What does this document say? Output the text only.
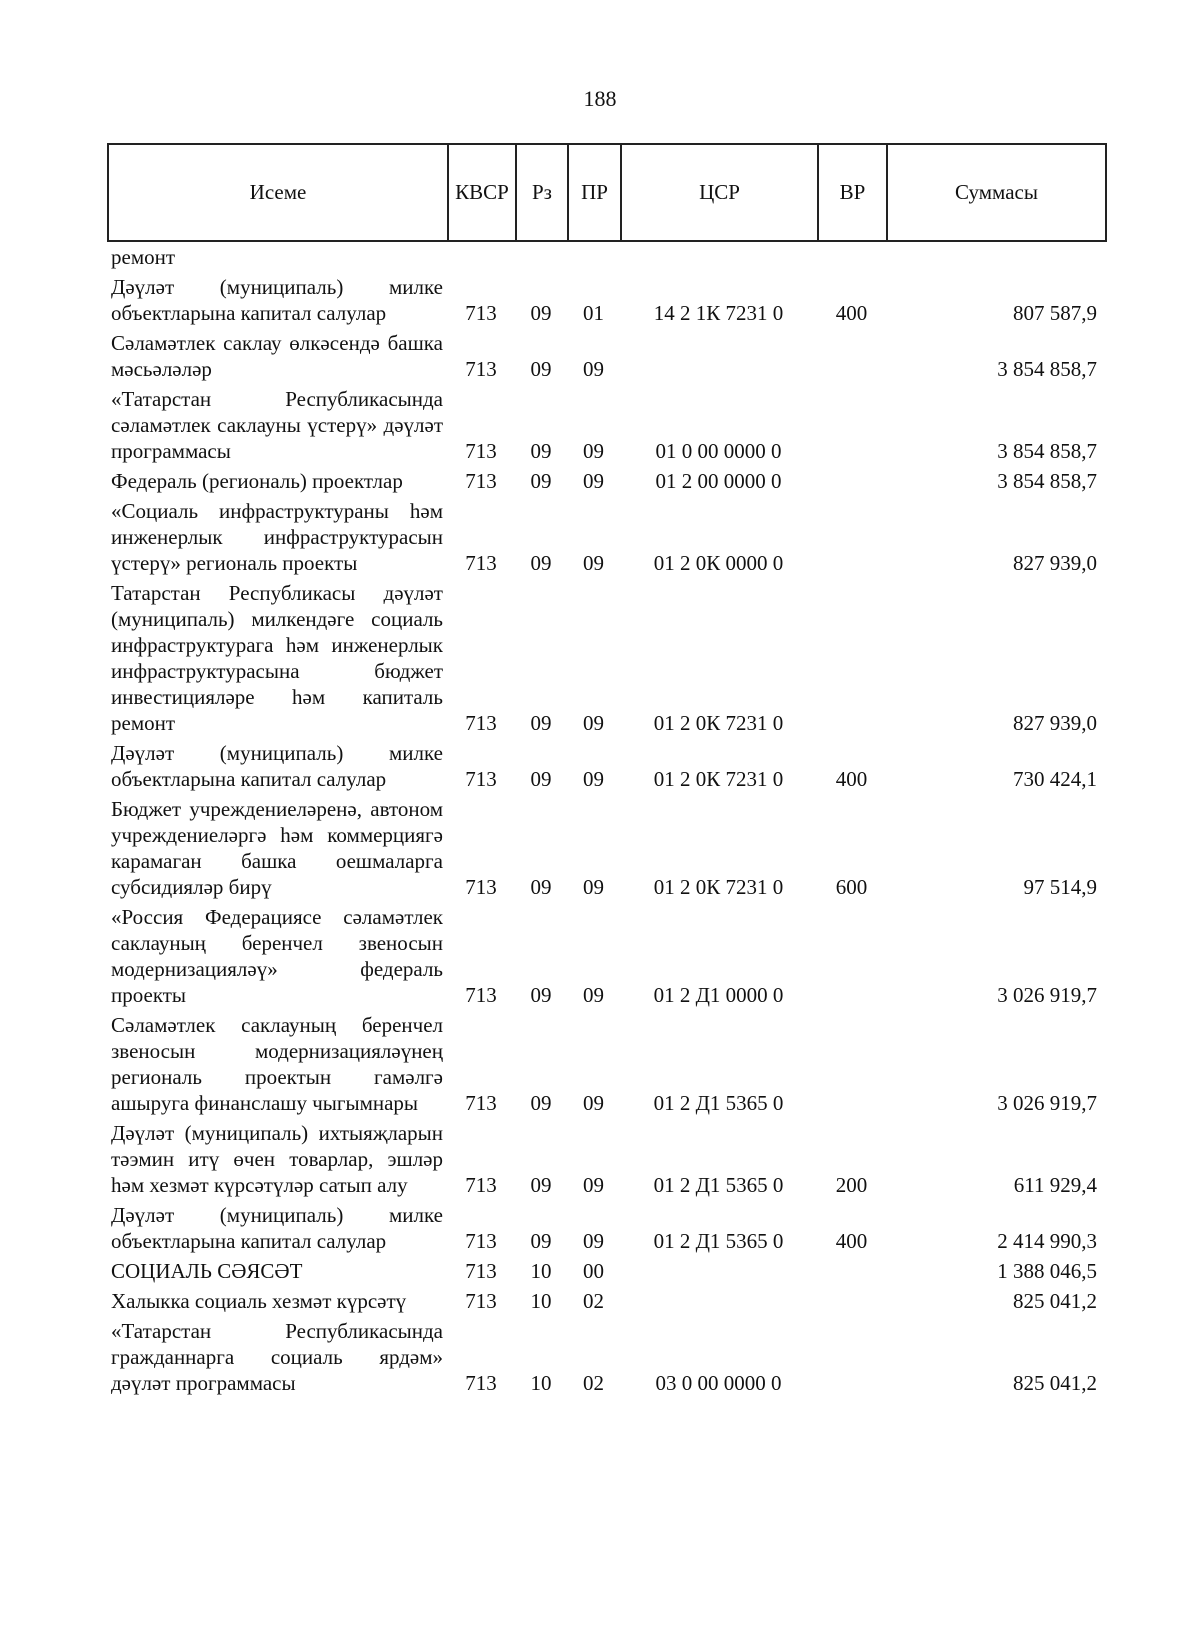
188
Исеме	КВСР	Рз	ПР	ЦСР	ВР	Суммасы
ремонт						
Дәүләт (муниципаль) милке объектларына капитал салулар	713	09	01	14 2 1К 7231 0	400	807 587,9
Сәламәтлек саклау өлкәсендә башка мәсьәләләр	713	09	09			3 854 858,7
«Татарстан Республикасында сәламәтлек саклауны үстерү» дәүләт программасы	713	09	09	01 0 00 0000 0		3 854 858,7
Федераль (региональ) проектлар	713	09	09	01 2 00 0000 0		3 854 858,7
«Социаль инфраструктураны һәм инженерлык инфраструктурасын үстерү» региональ проекты	713	09	09	01 2 0К 0000 0		827 939,0
Татарстан Республикасы дәүләт (муниципаль) милкендәге социаль инфраструктурага һәм инженерлык инфраструктурасына бюджет инвестицияләре һәм капиталь ремонт	713	09	09	01 2 0К 7231 0		827 939,0
Дәүләт (муниципаль) милке объектларына капитал салулар	713	09	09	01 2 0К 7231 0	400	730 424,1
Бюджет учреждениеләренә, автоном учреждениеләргә һәм коммерциягә карамаган башка оешмаларга субсидияләр бирү	713	09	09	01 2 0К 7231 0	600	97 514,9
«Россия Федерациясе сәламәтлек саклауның беренчел звеносын модернизацияләү» федераль проекты	713	09	09	01 2 Д1 0000 0		3 026 919,7
Сәламәтлек саклауның беренчел звеносын модернизацияләүнең региональ проектын гамәлгә ашыруга финанслашу чыгымнары	713	09	09	01 2 Д1 5365 0		3 026 919,7
Дәүләт (муниципаль) ихтыяҗларын тәэмин итү өчен товарлар, эшләр һәм хезмәт күрсәтүләр сатып алу	713	09	09	01 2 Д1 5365 0	200	611 929,4
Дәүләт (муниципаль) милке объектларына капитал салулар	713	09	09	01 2 Д1 5365 0	400	2 414 990,3
СОЦИАЛЬ СӘЯСӘТ	713	10	00			1 388 046,5
Халыкка социаль хезмәт күрсәтү	713	10	02			825 041,2
«Татарстан Республикасында гражданнарга социаль ярдәм» дәүләт программасы	713	10	02	03 0 00 0000 0		825 041,2
